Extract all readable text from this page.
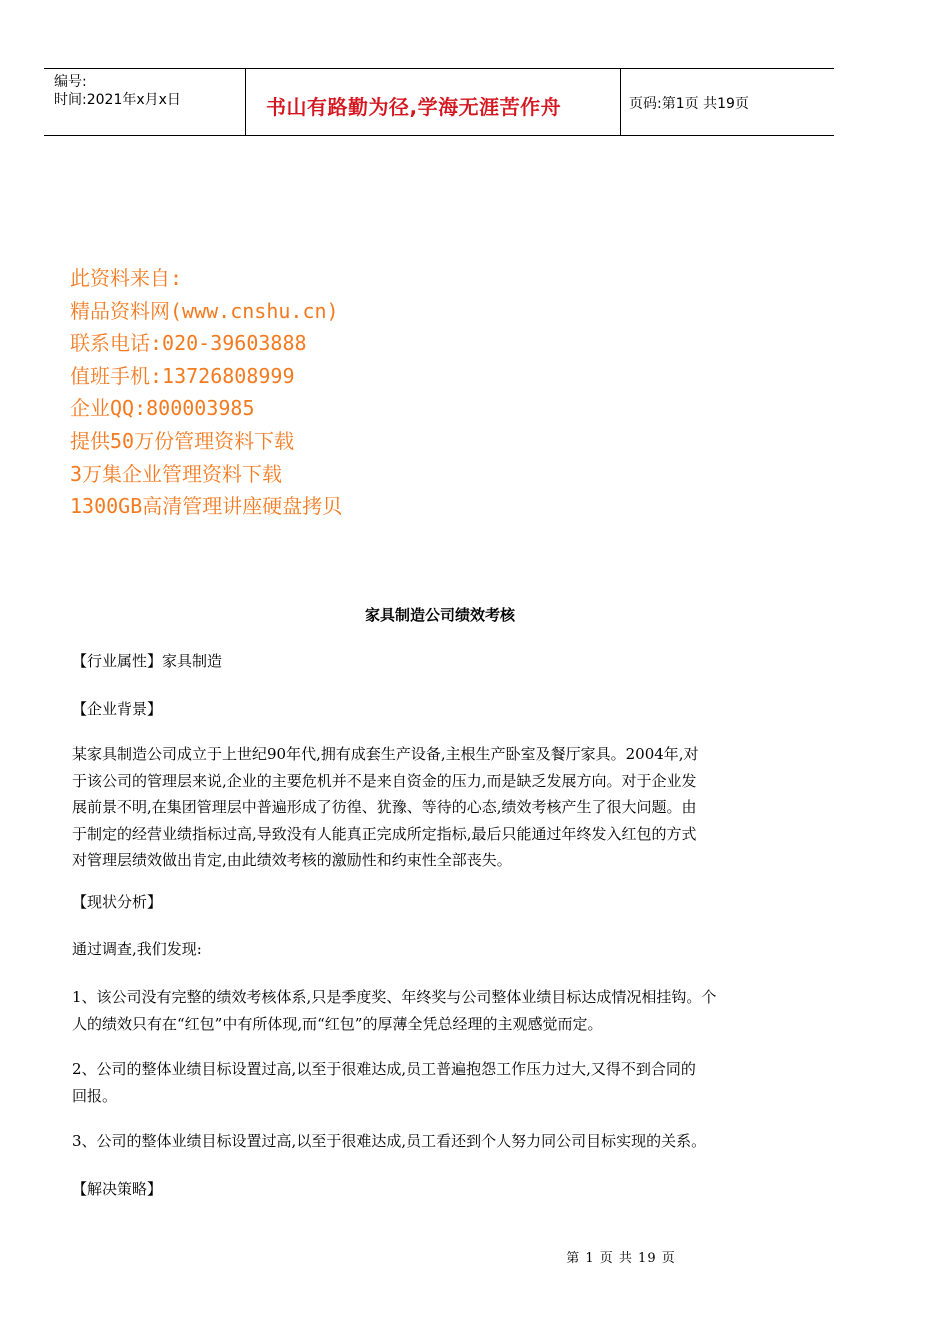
编号:
时间:2021年x月x日	书山有路勤为径,学海无涯苦作舟	页码:第1页 共19页
此资料来自:
精品资料网(www.cnshu.cn)
联系电话:020-39603888
值班手机:13726808999
企业QQ:800003985
提供50万份管理资料下载
3万集企业管理资料下载
1300GB高清管理讲座硬盘拷贝
家具制造公司绩效考核
【行业属性】家具制造
【企业背景】
某家具制造公司成立于上世纪90年代,拥有成套生产设备,主根生产卧室及餐厅家具。2004年,对
于该公司的管理层来说,企业的主要危机并不是来自资金的压力,而是缺乏发展方向。对于企业发
展前景不明,在集团管理层中普遍形成了彷徨、犹豫、等待的心态,绩效考核产生了很大问题。由
于制定的经营业绩指标过高,导致没有人能真正完成所定指标,最后只能通过年终发入红包的方式
对管理层绩效做出肯定,由此绩效考核的激励性和约束性全部丧失。
【现状分析】
通过调查,我们发现:
1、该公司没有完整的绩效考核体系,只是季度奖、年终奖与公司整体业绩目标达成情况相挂钩。个
人的绩效只有在“红包”中有所体现,而“红包”的厚薄全凭总经理的主观感觉而定。
2、公司的整体业绩目标设置过高,以至于很难达成,员工普遍抱怨工作压力过大,又得不到合同的
回报。
3、公司的整体业绩目标设置过高,以至于很难达成,员工看还到个人努力同公司目标实现的关系。
【解决策略】
第 1 页 共 19 页
